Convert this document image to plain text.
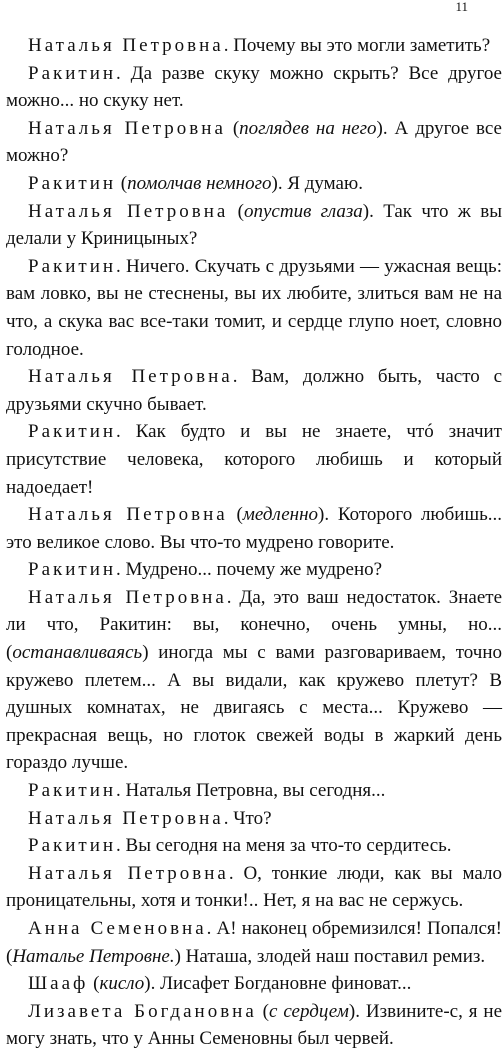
11

Наталья Петровна. Почему вы это могли заметить?

Ракитин. Да разве скуку можно скрыть? Все другое можно... но скуку нет.

Наталья Петровна (поглядев на него). А другое все можно?

Ракитин (помолчав немного). Я думаю.

Наталья Петровна (опустив глаза). Так что ж вы делали у Криницыных?

Ракитин. Ничего. Скучать с друзьями — ужасная вещь: вам ловко, вы не стеснены, вы их любите, злиться вам не на что, а скука вас все-таки томит, и сердце глупо ноет, словно голодное.

Наталья Петровна. Вам, должно быть, часто с друзьями скучно бывает.

Ракитин. Как будто и вы не знаете, чтó значит присутствие человека, которого любишь и который надоедает!

Наталья Петровна (медленно). Которого любишь... это великое слово. Вы что-то мудрено говорите.

Ракитин. Мудрено... почему же мудрено?

Наталья Петровна. Да, это ваш недостаток. Знаете ли что, Ракитин: вы, конечно, очень умны, но... (останавливаясь) иногда мы с вами разговариваем, точно кружево плетем... А вы видали, как кружево плетут? В душных комнатах, не двигаясь с места... Кружево — прекрасная вещь, но глоток свежей воды в жаркий день гораздо лучше.

Ракитин. Наталья Петровна, вы сегодня...

Наталья Петровна. Что?

Ракитин. Вы сегодня на меня за что-то сердитесь.

Наталья Петровна. О, тонкие люди, как вы мало проницательны, хотя и тонки!.. Нет, я на вас не сержусь.

Анна Семеновна. А! наконец обремизился! Попался! (Наталье Петровне.) Наташа, злодей наш поставил ремиз.

Шааф (кисло). Лисафет Богдановне финоват...

Лизавета Богдановна (с сердцем). Извините-с, я не могу знать, что у Анны Семеновны был червей.
